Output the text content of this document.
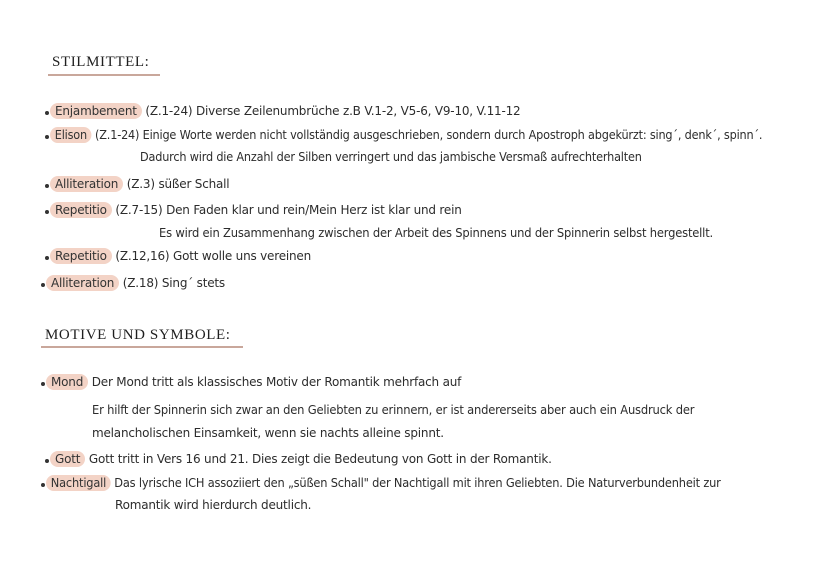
STILMITTEL:
Enjambement (Z.1-24) Diverse Zeilenumbrüche z.B V.1-2, V5-6, V9-10, V.11-12
Elison (Z.1-24) Einige Worte werden nicht vollständig ausgeschrieben, sondern durch Apostroph abgekürzt: sing´, denk´, spinn´.
Dadurch wird die Anzahl der Silben verringert und das jambische Versmaß aufrechterhalten
Alliteration (Z.3) süßer Schall
Repetitio (Z.7-15) Den Faden klar und rein/Mein Herz ist klar und rein
Es wird ein Zusammenhang zwischen der Arbeit des Spinnens und der Spinnerin selbst hergestellt.
Repetitio (Z.12,16) Gott wolle uns vereinen
Alliteration (Z.18) Sing´ stets
MOTIVE UND SYMBOLE:
Mond Der Mond tritt als klassisches Motiv der Romantik mehrfach auf
Er hilft der Spinnerin sich zwar an den Geliebten zu erinnern, er ist andererseits aber auch ein Ausdruck der
melancholischen Einsamkeit, wenn sie nachts alleine spinnt.
Gott Gott tritt in Vers 16 und 21. Dies zeigt die Bedeutung von Gott in der Romantik.
Nachtigall Das lyrische ICH assoziiert den „süßen Schall" der Nachtigall mit ihren Geliebten. Die Naturverbundenheit zur
Romantik wird hierdurch deutlich.
